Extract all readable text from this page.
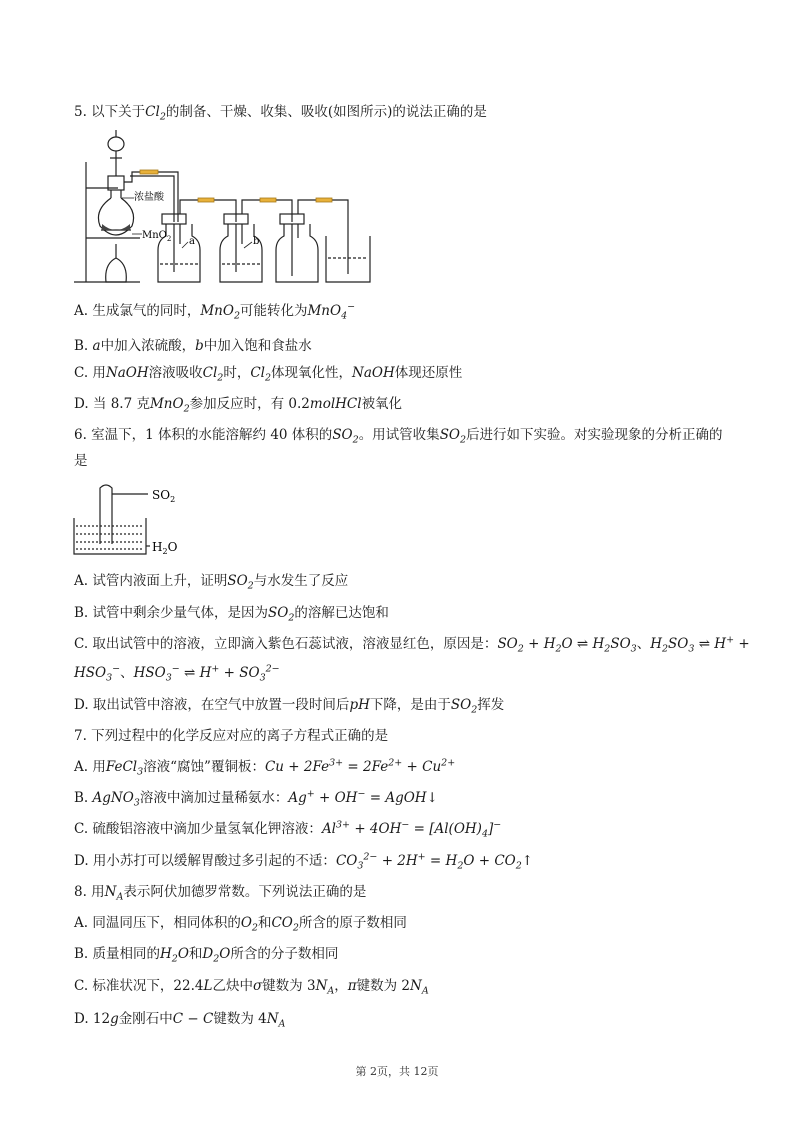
5. 以下关于$Cl_2$的制备、干燥、收集、吸收(如图所示)的说法正确的是
浓盐酸
MnO$_2$ a	b
A. 生成氯气的同时，MnO$_2$可能转化为MnO$_4$−
B. a中加入浓硫酸，b中加入饱和食盐水
C. 用NaOH溶液吸收$Cl_2$时，$Cl_2$体现氧化性，NaOH体现还原性
D. 当 8.7 克MnO$_2$参加反应时，有 0.2molHCl被氧化
6. 室温下，1 体积的水能溶解约 40 体积的$SO_2$。用试管收集$SO_2$后进行如下实验。对实验现象的分析正确的
是
$SO_2$
$H_2O$
A. 试管内液面上升，证明$SO_2$与水发生了反应
B. 试管中剩余少量气体，是因为$SO_2$的溶解已达饱和
C. 取出试管中的溶液，立即滴入紫色石蕊试液，溶液显红色，原因是：$SO_2 + H_2O$ ⇌ $H_2SO_3$、$H_2SO_3$ ⇌ H+ +
$HSO_3^-$、$HSO_3^-$ ⇌ $H^+ + SO_3^{2-}$
D. 取出试管中溶液，在空气中放置一段时间后pH下降，是由于$SO_2$挥发
7. 下列过程中的化学反应对应的离子方程式正确的是
A. 用FeCl$_3$溶液“腐蚀”覆铜板：$Cu + 2Fe^{3+} = 2Fe^{2+} + Cu^{2+}$
B. AgNO$_3$溶液中滴加过量稀氨水：Ag+ + OH− = AgOH↓
C. 硫酸铝溶液中滴加少量氢氧化钾溶液：$Al^{3+} + 4OH^- = [Al(OH)_4]^-$
D. 用小苏打可以缓解胃酸过多引起的不适：$CO_3^{2-} + 2H^+ = H_2O$ + $CO_2↑$
8. 用$N_A$表示阿伏加德罗常数。下列说法正确的是
A. 同温同压下，相同体积的$O_2$和$CO_2$所含的原子数相同
B. 质量相同的$H_2O$和$D_2O$所含的分子数相同
C. 标准状况下，22.4L乙炔中σ键数为 $3N_A$，π键数为 $2N_A$
D. 12g金刚石中C − C键数为 $4N_A$
第 2页，共 12页
